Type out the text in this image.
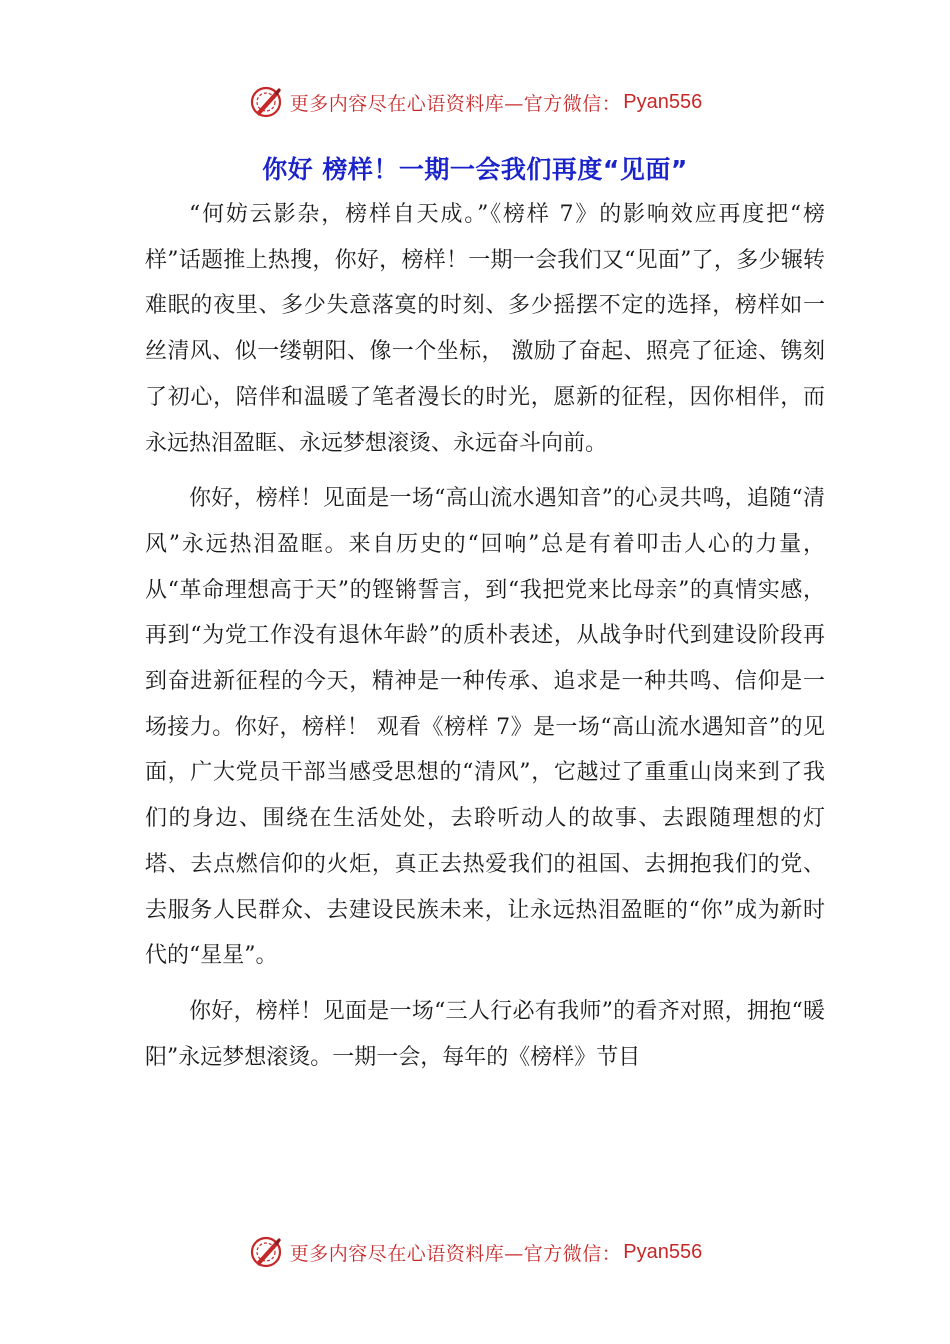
更多内容尽在心语资料库—官方微信： Pyan556
你好 榜样！一期一会我们再度“见面”

“何妨云影杂，榜样自天成。”《榜样 7》的影响效应再度把“榜样”话题推上热搜，你好，榜样！一期一会我们又“见面”了，多少辗转难眠的夜里、多少失意落寞的时刻、多少摇摆不定的选择，榜样如一丝清风、似一缕朝阳、像一个坐标， 激励了奋起、照亮了征途、镌刻了初心，陪伴和温暖了笔者漫长的时光，愿新的征程，因你相伴，而永远热泪盈眶、永远梦想滚烫、永远奋斗向前。

你好，榜样！见面是一场“高山流水遇知音”的心灵共鸣，追随“清风”永远热泪盈眶。来自历史的“回响”总是有着叩击人心的力量，从“革命理想高于天”的铿锵誓言，到“我把党来比母亲”的真情实感，再到“为党工作没有退休年龄”的质朴表述，从战争时代到建设阶段再到奋进新征程的今天，精神是一种传承、追求是一种共鸣、信仰是一场接力。你好，榜样！ 观看《榜样 7》是一场“高山流水遇知音”的见面，广大党员干部当感受思想的“清风”，它越过了重重山岗来到了我们的身边、围绕在生活处处，去聆听动人的故事、去跟随理想的灯塔、去点燃信仰的火炬，真正去热爱我们的祖国、去拥抱我们的党、去服务人民群众、去建设民族未来，让永远热泪盈眶的“你”成为新时代的“星星”。

你好，榜样！见面是一场“三人行必有我师”的看齐对照，拥抱“暖阳”永远梦想滚烫。一期一会，每年的《榜样》节目

更多内容尽在心语资料库—官方微信： Pyan556
